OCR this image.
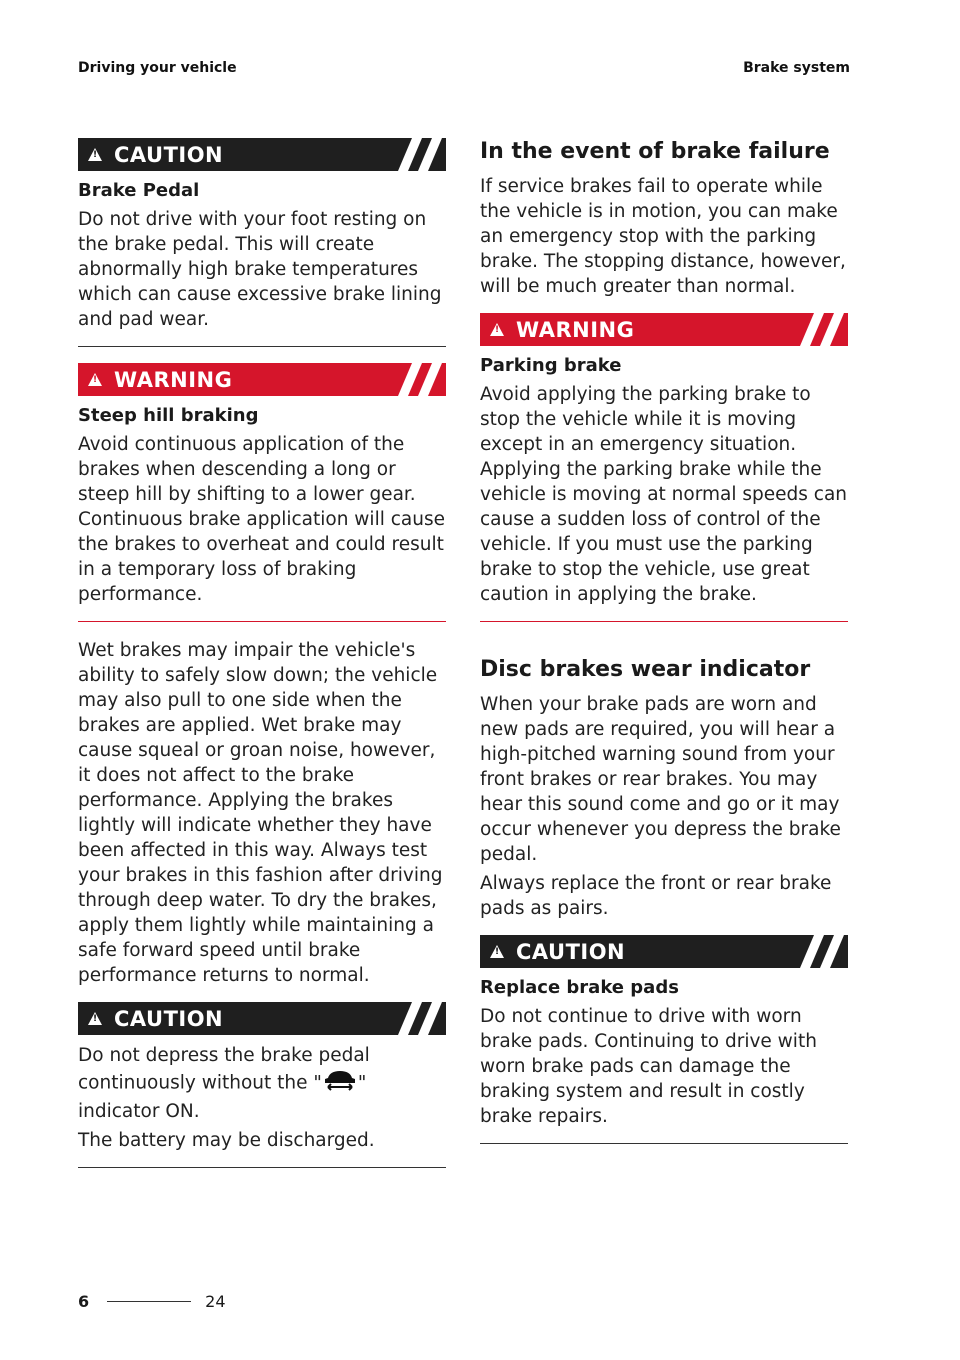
Driving your vehicle	Brake system
!
CAUTION
Brake Pedal
Do not drive with your foot resting on the brake pedal. This will create abnormally high brake temperatures which can cause excessive brake lining and pad wear.
!
WARNING
Steep hill braking
Avoid continuous application of the brakes when descending a long or steep hill by shifting to a lower gear. Continuous brake application will cause the brakes to overheat and could result in a temporary loss of braking performance.
Wet brakes may impair the vehicle's ability to safely slow down; the vehicle may also pull to one side when the brakes are applied. Wet brake may cause squeal or groan noise, however, it does not affect to the brake performance. Applying the brakes lightly will indicate whether they have been affected in this way. Always test your brakes in this fashion after driving through deep water. To dry the brakes, apply them lightly while maintaining a safe forward speed until brake performance returns to normal.
!
CAUTION
Do not depress the brake pedal continuously without the " " indicator ON.
The battery may be discharged.
In the event of brake failure
If service brakes fail to operate while the vehicle is in motion, you can make an emergency stop with the parking brake. The stopping distance, however, will be much greater than normal.
!
WARNING
Parking brake
Avoid applying the parking brake to stop the vehicle while it is moving except in an emergency situation. Applying the parking brake while the vehicle is moving at normal speeds can cause a sudden loss of control of the vehicle. If you must use the parking brake to stop the vehicle, use great caution in applying the brake.
Disc brakes wear indicator
When your brake pads are worn and new pads are required, you will hear a high-pitched warning sound from your front brakes or rear brakes. You may hear this sound come and go or it may occur whenever you depress the brake pedal.
Always replace the front or rear brake pads as pairs.
!
CAUTION
Replace brake pads
Do not continue to drive with worn brake pads. Continuing to drive with worn brake pads can damage the braking system and result in costly brake repairs.
6	24
